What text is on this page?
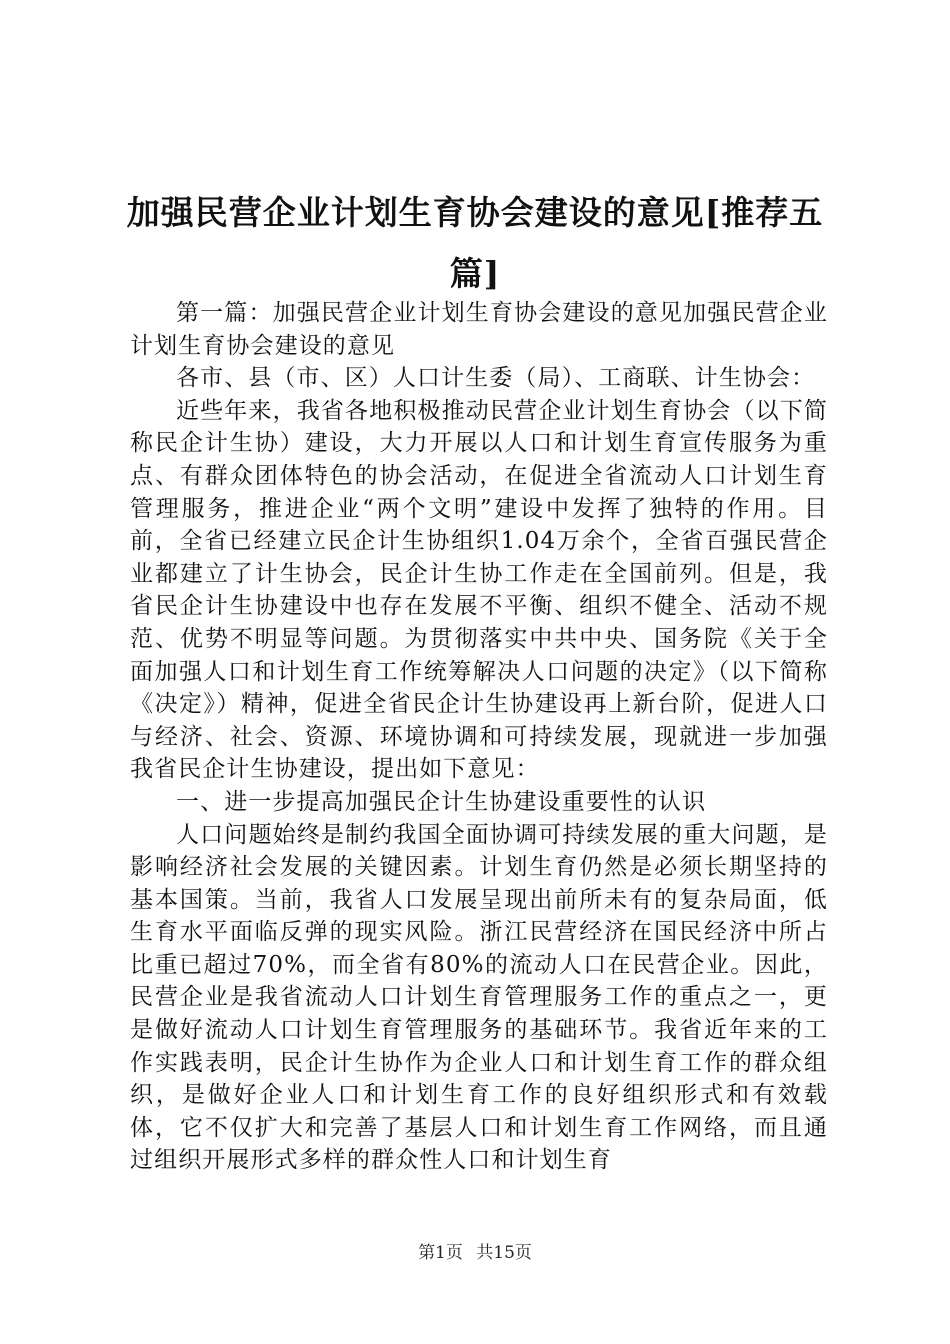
加强民营企业计划生育协会建设的意见[推荐五篇]

第一篇：加强民营企业计划生育协会建设的意见加强民营企业计划生育协会建设的意见

各市、县（市、区）人口计生委（局）、工商联、计生协会：

近些年来，我省各地积极推动民营企业计划生育协会（以下简称民企计生协）建设，大力开展以人口和计划生育宣传服务为重点、有群众团体特色的协会活动，在促进全省流动人口计划生育管理服务，推进企业“两个文明”建设中发挥了独特的作用。目前，全省已经建立民企计生协组织1.04万余个，全省百强民营企业都建立了计生协会，民企计生协工作走在全国前列。但是，我省民企计生协建设中也存在发展不平衡、组织不健全、活动不规范、优势不明显等问题。为贯彻落实中共中央、国务院《关于全面加强人口和计划生育工作统筹解决人口问题的决定》（以下简称《决定》）精神，促进全省民企计生协建设再上新台阶，促进人口与经济、社会、资源、环境协调和可持续发展，现就进一步加强我省民企计生协建设，提出如下意见：

一、进一步提高加强民企计生协建设重要性的认识

人口问题始终是制约我国全面协调可持续发展的重大问题，是影响经济社会发展的关键因素。计划生育仍然是必须长期坚持的基本国策。当前，我省人口发展呈现出前所未有的复杂局面，低生育水平面临反弹的现实风险。浙江民营经济在国民经济中所占比重已超过70%，而全省有80%的流动人口在民营企业。因此，民营企业是我省流动人口计划生育管理服务工作的重点之一，更是做好流动人口计划生育管理服务的基础环节。我省近年来的工作实践表明，民企计生协作为企业人口和计划生育工作的群众组织，是做好企业人口和计划生育工作的良好组织形式和有效载体，它不仅扩大和完善了基层人口和计划生育工作网络，而且通过组织开展形式多样的群众性人口和计划生育

第1页 共15页
